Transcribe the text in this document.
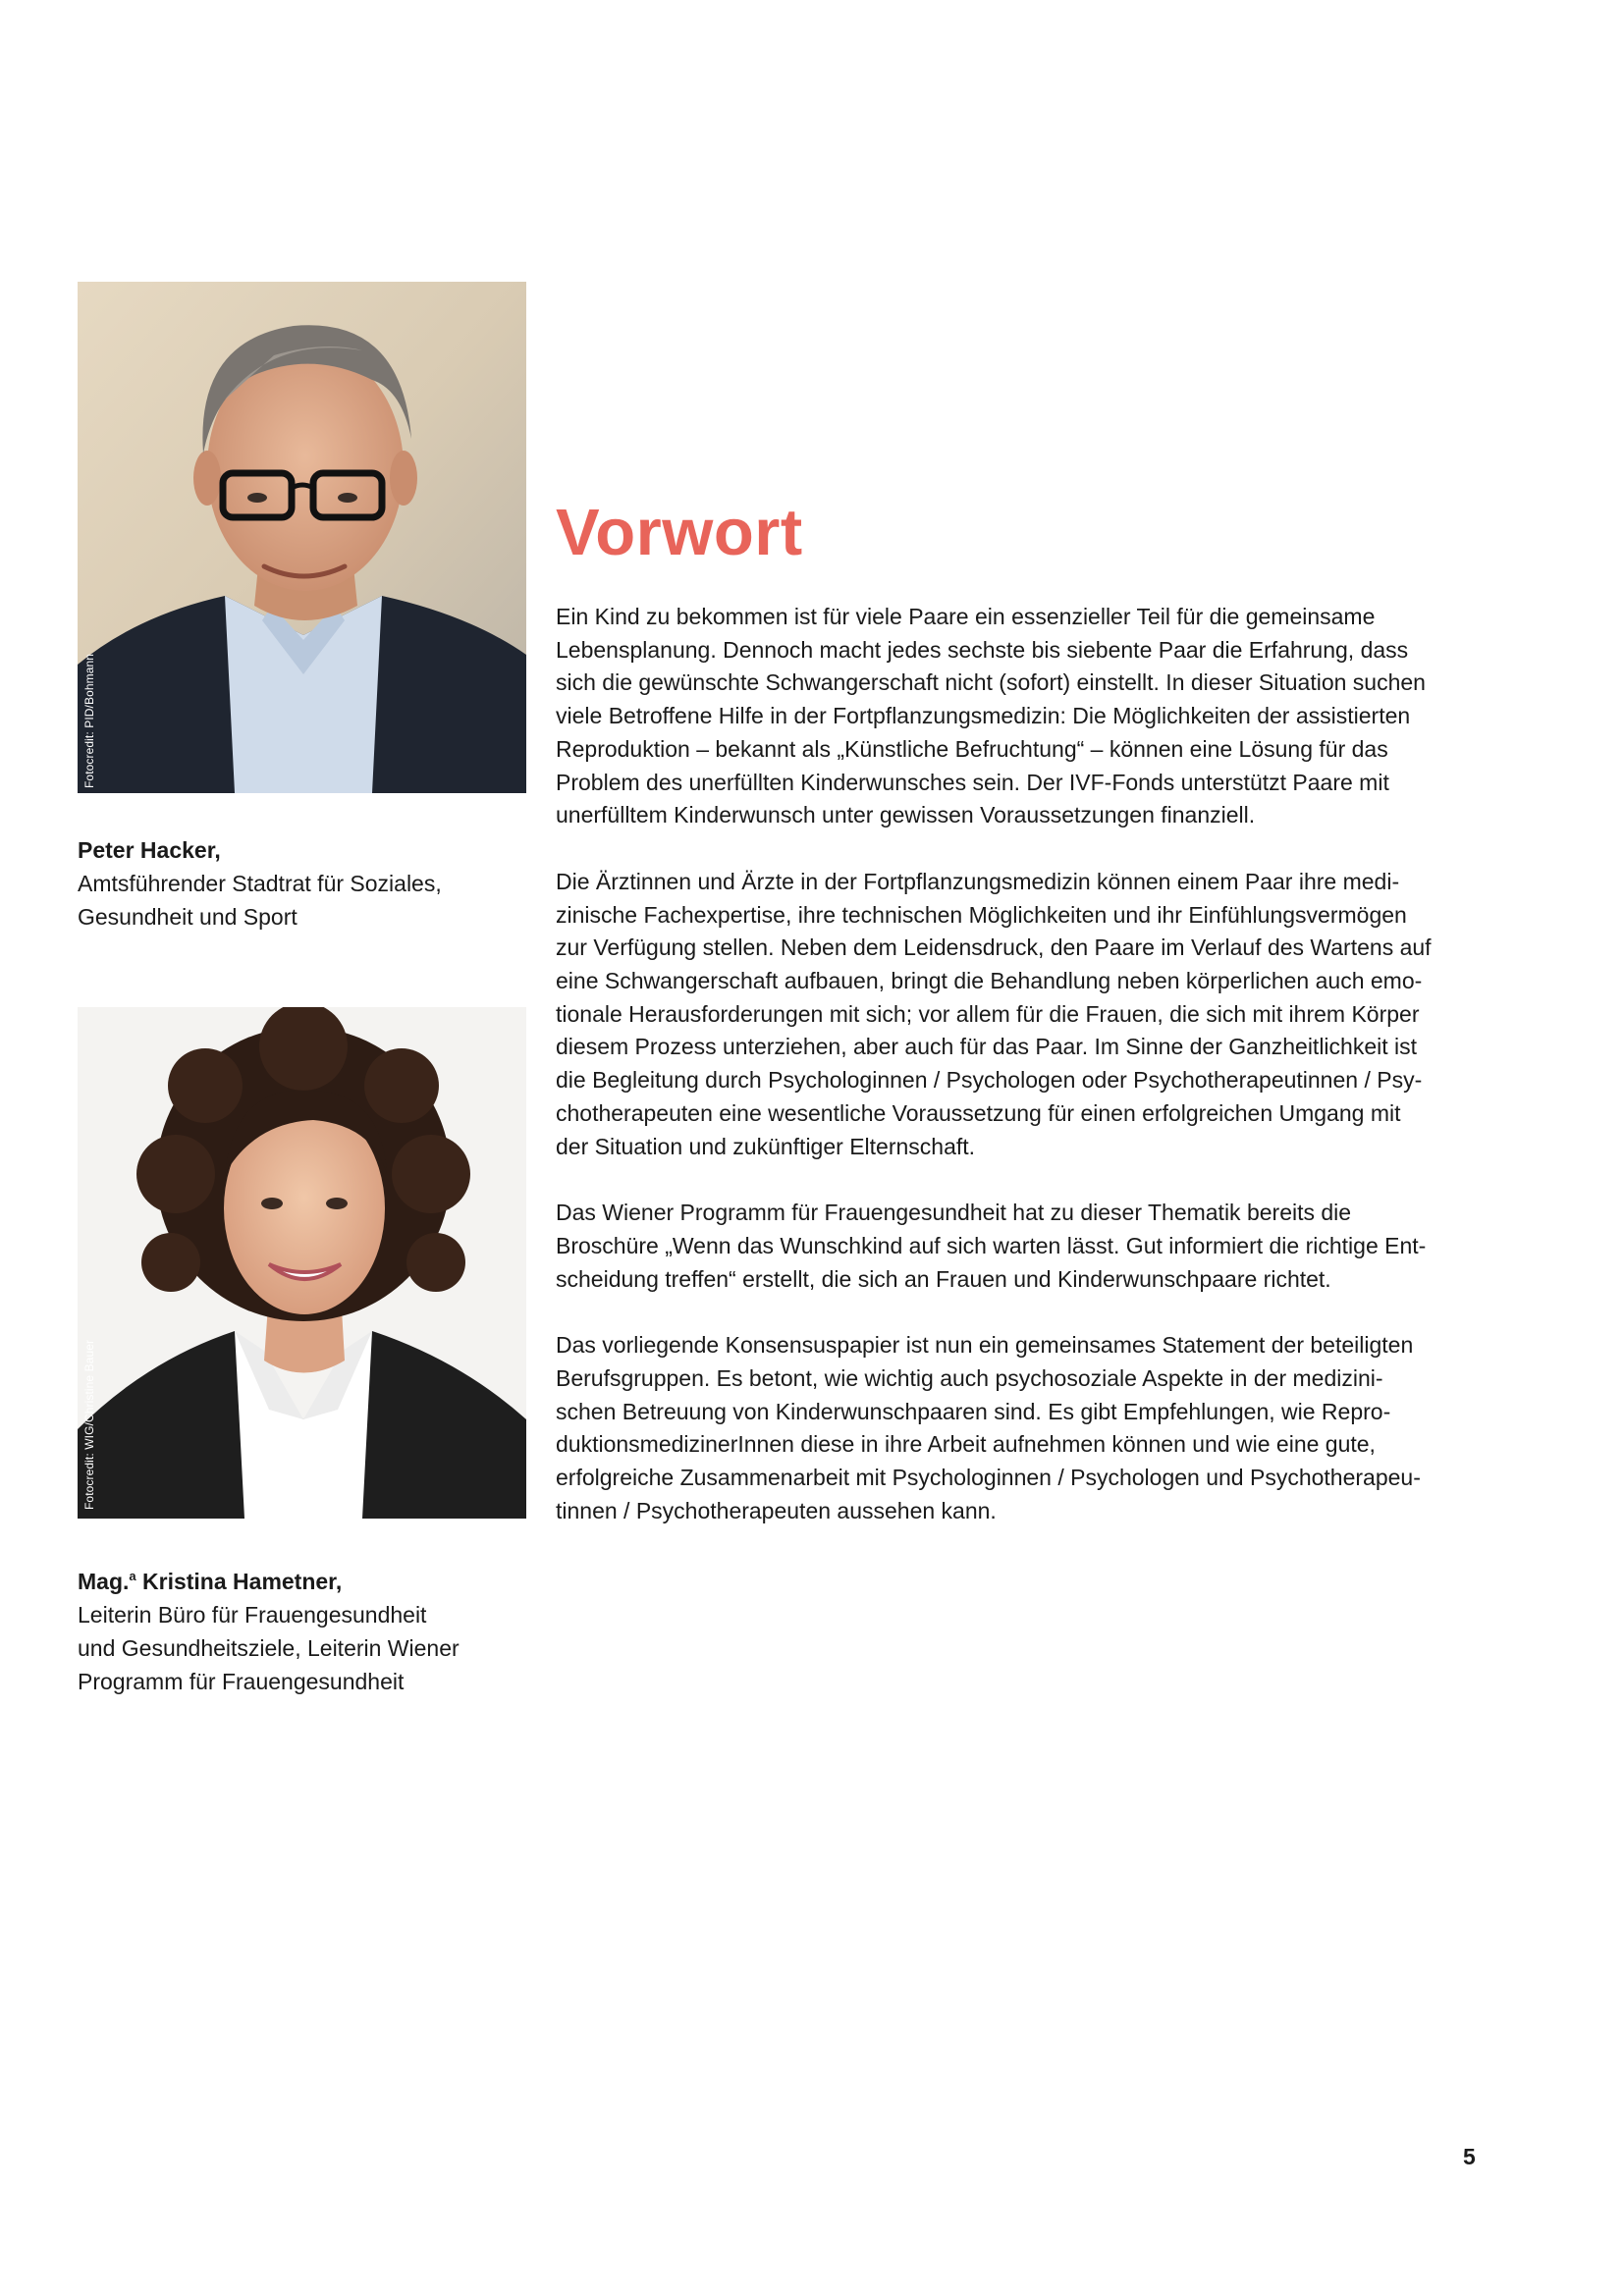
Fotocredit: PID/Bohmann
Peter Hacker,
Amtsführender Stadtrat für Soziales,
Gesundheit und Sport
Fotocredit: WIG/Christine Bauer
Mag.$^a$ Kristina Hametner,
Leiterin Büro für Frauengesundheit
und Gesundheitsziele, Leiterin Wiener
Programm für Frauengesundheit
Vorwort

Ein Kind zu bekommen ist für viele Paare ein essenzieller Teil für die gemeinsame
Lebensplanung. Dennoch macht jedes sechste bis siebente Paar die Erfahrung, dass
sich die gewünschte Schwangerschaft nicht (sofort) einstellt. In dieser Situation suchen
viele Betroffene Hilfe in der Fortpflanzungsmedizin: Die Möglichkeiten der assistierten
Reproduktion – bekannt als „Künstliche Befruchtung“ – können eine Lösung für das
Problem des unerfüllten Kinderwunsches sein. Der IVF-Fonds unterstützt Paare mit
unerfülltem Kinderwunsch unter gewissen Voraussetzungen finanziell.

Die Ärztinnen und Ärzte in der Fortpflanzungsmedizin können einem Paar ihre medi-
zinische Fachexpertise, ihre technischen Möglichkeiten und ihr Einfühlungsvermögen
zur Verfügung stellen. Neben dem Leidensdruck, den Paare im Verlauf des Wartens auf
eine Schwangerschaft aufbauen, bringt die Behandlung neben körperlichen auch emo-
tionale Herausforderungen mit sich; vor allem für die Frauen, die sich mit ihrem Körper
diesem Prozess unterziehen, aber auch für das Paar. Im Sinne der Ganzheitlichkeit ist
die Begleitung durch Psychologinnen / Psychologen oder Psychotherapeutinnen / Psy-
chotherapeuten eine wesentliche Voraussetzung für einen erfolgreichen Umgang mit
der Situation und zukünftiger Elternschaft.

Das Wiener Programm für Frauengesundheit hat zu dieser Thematik bereits die
Broschüre „Wenn das Wunschkind auf sich warten lässt. Gut informiert die richtige Ent-
scheidung treffen“ erstellt, die sich an Frauen und Kinderwunschpaare richtet.

Das vorliegende Konsensuspapier ist nun ein gemeinsames Statement der beteiligten
Berufsgruppen. Es betont, wie wichtig auch psychosoziale Aspekte in der medizini-
schen Betreuung von Kinderwunschpaaren sind. Es gibt Empfehlungen, wie Repro-
duktionsmedizinerInnen diese in ihre Arbeit aufnehmen können und wie eine gute,
erfolgreiche Zusammenarbeit mit Psychologinnen / Psychologen und Psychotherapeu-
tinnen / Psychotherapeuten aussehen kann.

5
